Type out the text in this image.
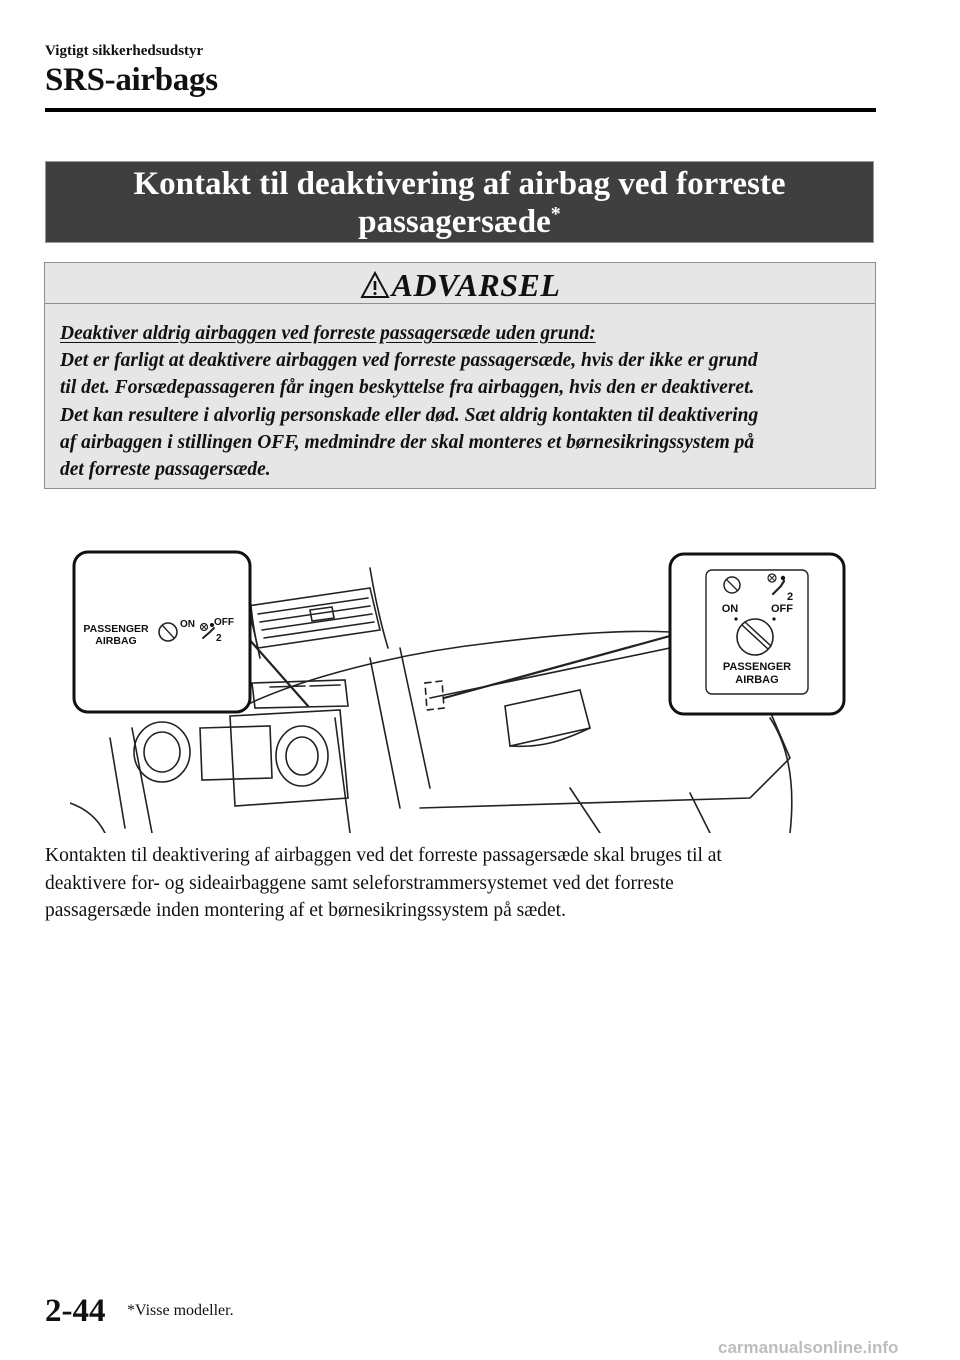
Vigtigt sikkerhedsudstyr
SRS-airbags
Kontakt til deaktivering af airbag ved forreste
passagersæde*
ADVARSEL
Deaktiver aldrig airbaggen ved forreste passagersæde uden grund:
Det er farligt at deaktivere airbaggen ved forreste passagersæde, hvis der ikke er grund
til det. Forsædepassageren får ingen beskyttelse fra airbaggen, hvis den er deaktiveret.
Det kan resultere i alvorlig personskade eller død. Sæt aldrig kontakten til deaktivering
af airbaggen i stillingen OFF, medmindre der skal monteres et børnesikringssystem på
det forreste passagersæde.
PASSENGER
AIRBAG
ON OFF
2
2
ON	OFF
PASSENGER
AIRBAG
Kontakten til deaktivering af airbaggen ved det forreste passagersæde skal bruges til at
deaktivere for- og sideairbaggene samt seleforstrammersystemet ved det forreste
passagersæde inden montering af et børnesikringssystem på sædet.
2-44 *Visse modeller.
carmanualsonline.info
